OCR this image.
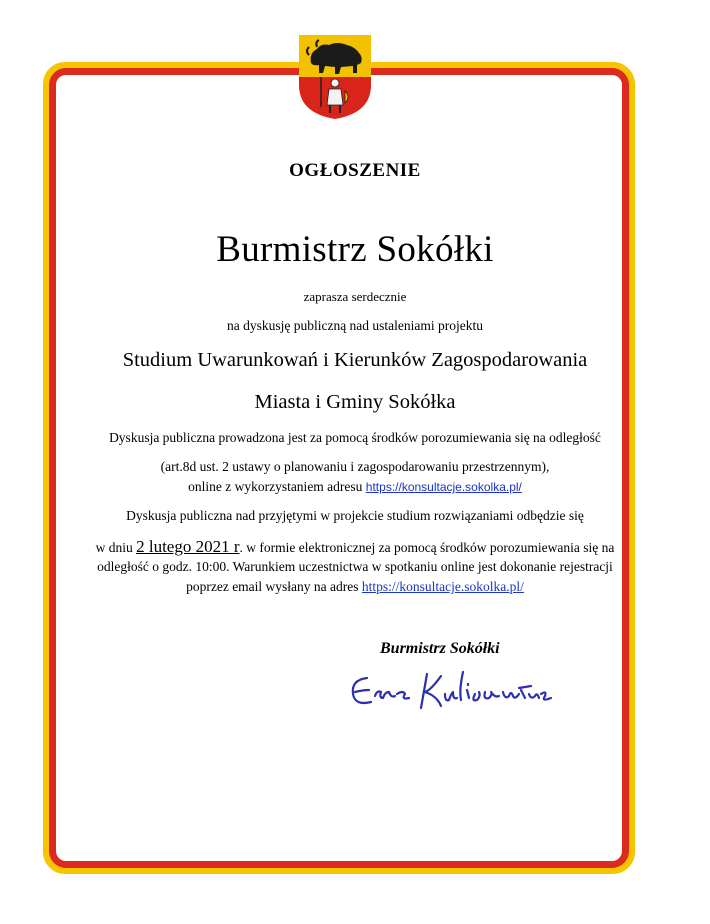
OGŁOSZENIE
Burmistrz Sokółki
zaprasza serdecznie
na dyskusję publiczną nad ustaleniami projektu
Studium Uwarunkowań i Kierunków Zagospodarowania
Miasta i Gminy Sokółka
Dyskusja publiczna prowadzona jest za pomocą środków porozumiewania się na odległość
(art.8d ust. 2 ustawy o planowaniu i zagospodarowaniu przestrzennym),
online z wykorzystaniem adresu https://konsultacje.sokolka.pl/
Dyskusja publiczna nad przyjętymi w projekcie studium rozwiązaniami odbędzie się
w dniu 2 lutego 2021 r. w formie elektronicznej za pomocą środków porozumiewania się na
odległość o godz. 10:00. Warunkiem uczestnictwa w spotkaniu online jest dokonanie rejestracji
poprzez email wysłany na adres https://konsultacje.sokolka.pl/
Burmistrz Sokółki
